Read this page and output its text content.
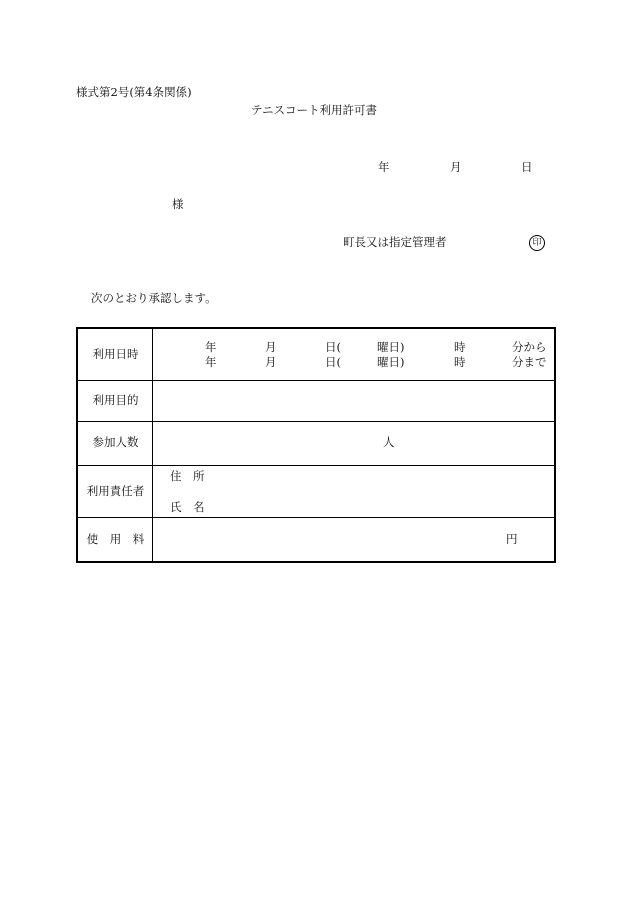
様式第2号(第4条関係)
テニスコート利用許可書
年	月	日
様
町長又は指定管理者	印
次のとおり承認します。
利用日時	年	月	日(	曜日)	時	分から
年	月	日(	曜日)	時	分まで
利用目的
参加人数	人
利用責任者
住　所
氏　名
使　用　料	円
